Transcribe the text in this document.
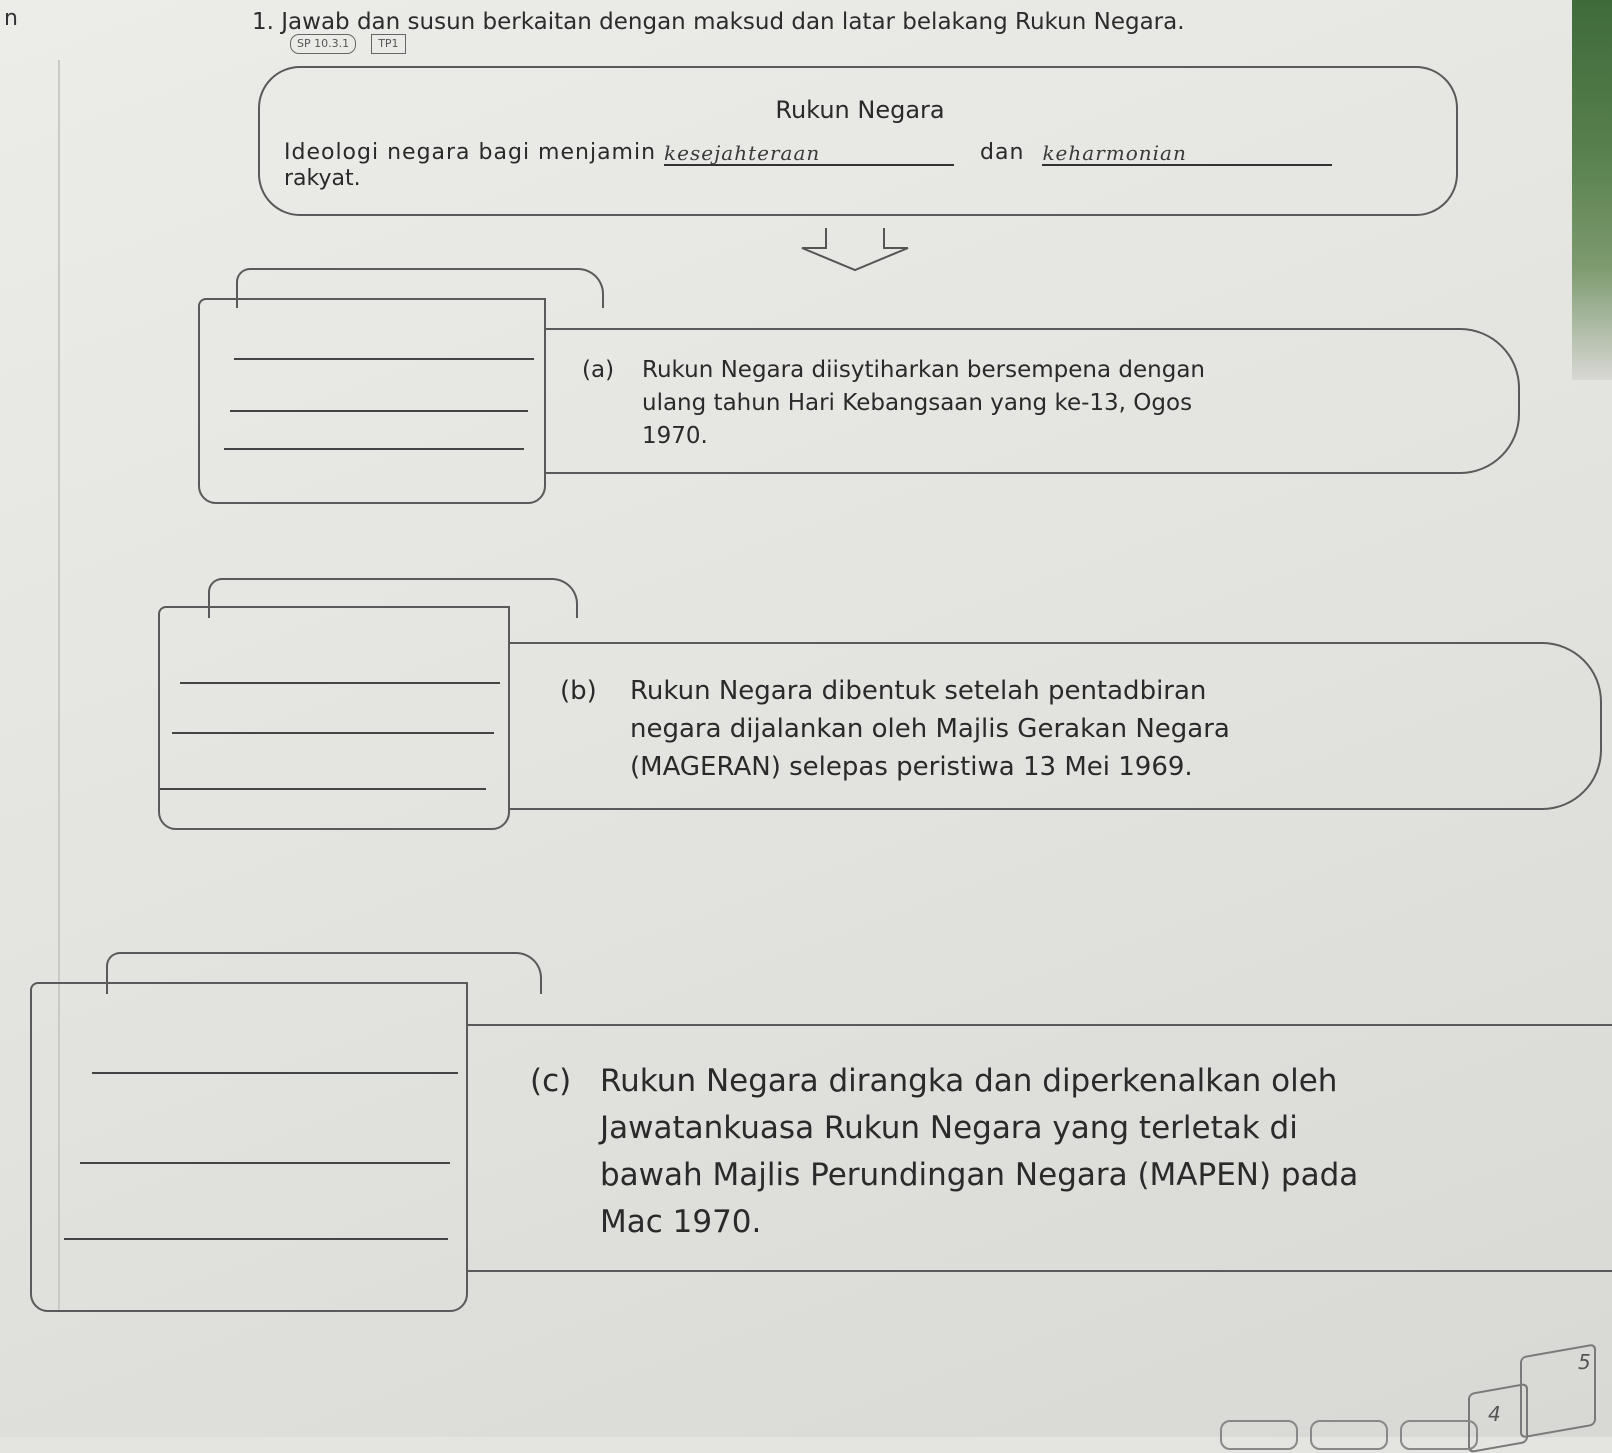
n	1. Jawab dan susun berkaitan dengan maksud dan latar belakang Rukun Negara.
SP 10.3.1	TP1
Rukun Negara
Ideologi negara bagi menjamin kesejahteraan	dan keharmonian
rakyat.
(a)	Rukun Negara diisytiharkan bersempena dengan
ulang tahun Hari Kebangsaan yang ke-13, Ogos
1970.
(b)	Rukun Negara dibentuk setelah pentadbiran
negara dijalankan oleh Majlis Gerakan Negara
(MAGERAN) selepas peristiwa 13 Mei 1969.
(c) Rukun Negara dirangka dan diperkenalkan oleh
Jawatankuasa Rukun Negara yang terletak di
bawah Majlis Perundingan Negara (MAPEN) pada
Mac 1970.
5
4
